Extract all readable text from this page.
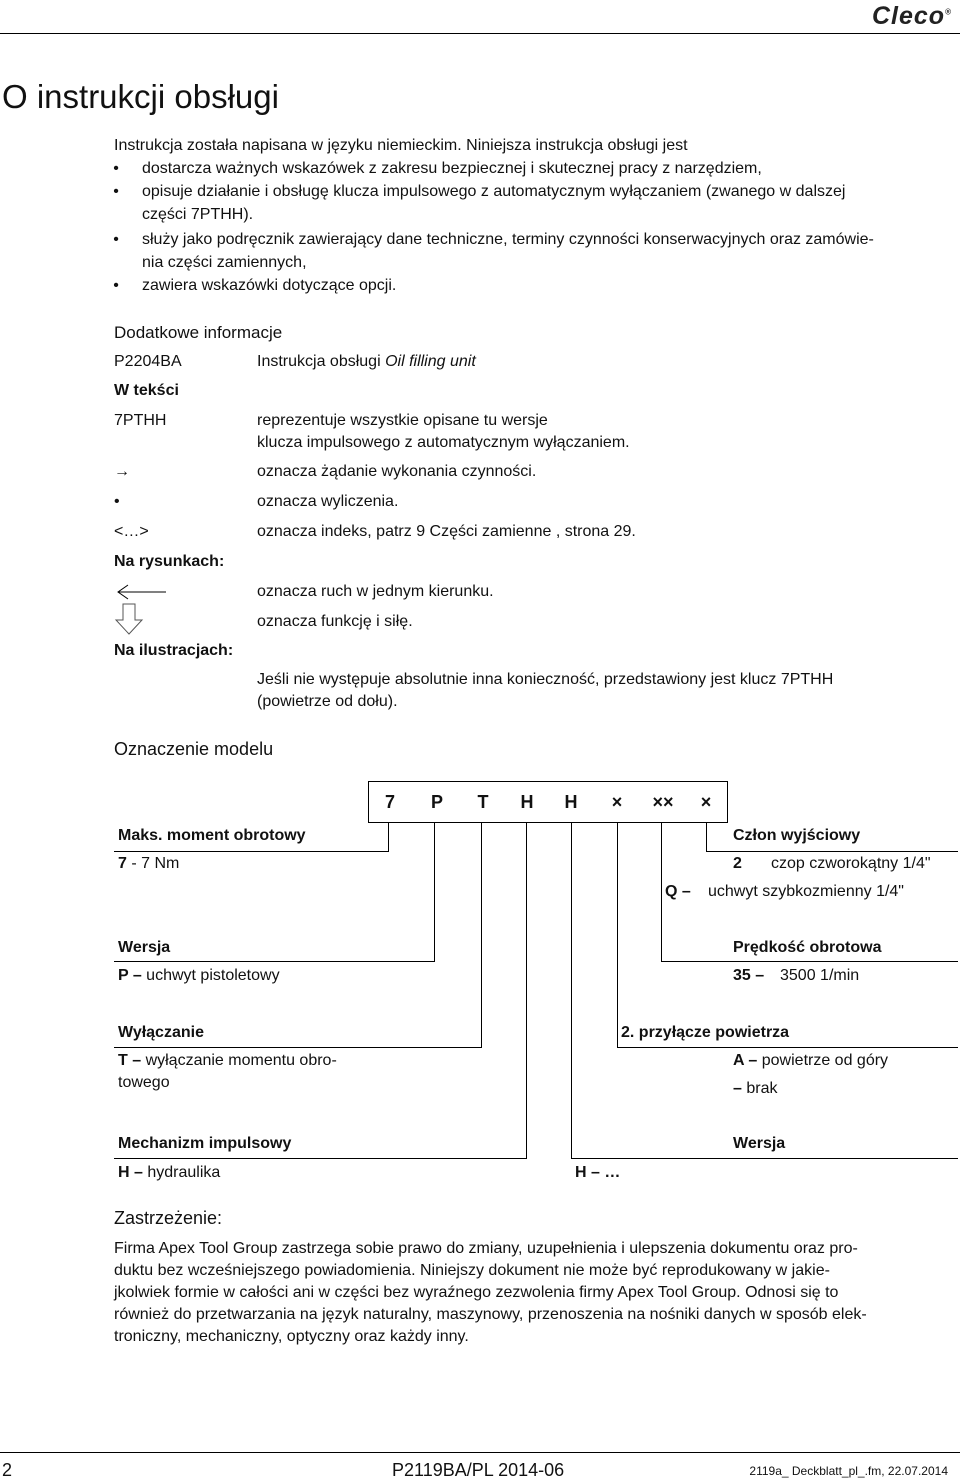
Cleco®
O instrukcji obsługi
Instrukcja została napisana w języku niemieckim. Niniejsza instrukcja obsługi jest
• dostarcza ważnych wskazówek z zakresu bezpiecznej i skutecznej pracy z narzędziem,
• opisuje działanie i obsługę klucza impulsowego z automatycznym wyłączaniem (zwanego w dalszej
części 7PTHH).
• służy jako podręcznik zawierający dane techniczne, terminy czynności konserwacyjnych oraz zamówie-
nia części zamiennych,
• zawiera wskazówki dotyczące opcji.
Dodatkowe informacje
P2204BA	Instrukcja obsługi Oil filling unit
W tekści
7PTHH	reprezentuje wszystkie opisane tu wersje
klucza impulsowego z automatycznym wyłączaniem.
→	oznacza żądanie wykonania czynności.
•	oznacza wyliczenia.
<…>	oznacza indeks, patrz 9 Części zamienne , strona 29.
Na rysunkach:
oznacza ruch w jednym kierunku.
oznacza funkcję i siłę.
Na ilustracjach:
Jeśli nie występuje absolutnie inna konieczność, przedstawiony jest klucz 7PTHH
(powietrze od dołu).
Oznaczenie modelu
7	P	T	H	H	×	××	×
Maks. moment obrotowy
7 - 7 Nm
Wersja
P – uchwyt pistoletowy
Wyłączanie
T – wyłączanie momentu obro-
towego
Mechanizm impulsowy
H – hydraulika
Człon wyjściowy
2 czop czworokątny 1/4"
Q – uchwyt szybkozmienny 1/4"
Prędkość obrotowa
35 – 3500 1/min
2. przyłącze powietrza
A – powietrze od góry
– brak
Wersja
H – …
Zastrzeżenie:
Firma Apex Tool Group zastrzega sobie prawo do zmiany, uzupełnienia i ulepszenia dokumentu oraz pro-
duktu bez wcześniejszego powiadomienia. Niniejszy dokument nie może być reprodukowany w jakie-
jkolwiek formie w całości ani w części bez wyraźnego zezwolenia firmy Apex Tool Group. Odnosi się to
również do przetwarzania na język naturalny, maszynowy, przenoszenia na nośniki danych w sposób elek-
troniczny, mechaniczny, optyczny oraz każdy inny.
2	P2119BA/PL 2014-06	2119a_ Deckblatt_pl_.fm, 22.07.2014
